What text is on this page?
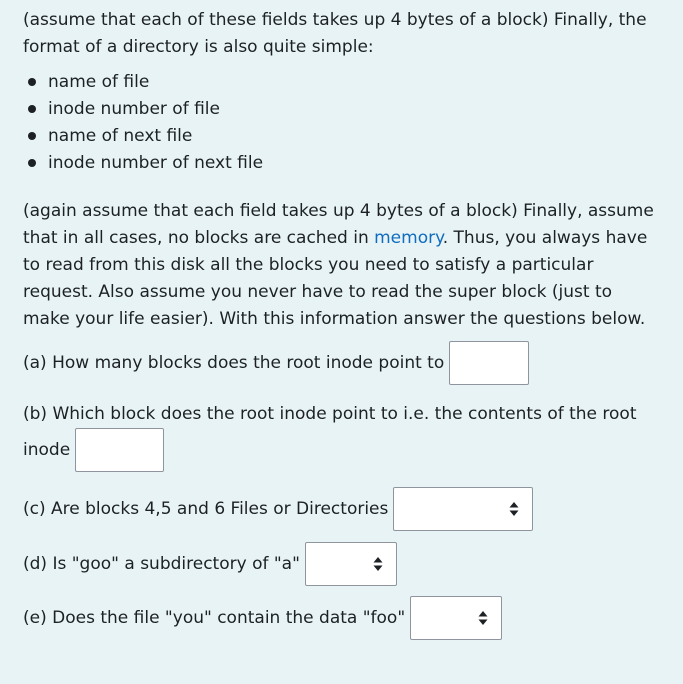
(assume that each of these fields takes up 4 bytes of a block) Finally, the format of a directory is also quite simple:

name of file
inode number of file
name of next file
inode number of next file

(again assume that each field takes up 4 bytes of a block) Finally, assume that in all cases, no blocks are cached in memory. Thus, you always have to read from this disk all the blocks you need to satisfy a particular request. Also assume you never have to read the super block (just to make your life easier). With this information answer the questions below.

(a) How many blocks does the root inode point to

(b) Which block does the root inode point to i.e. the contents of the root

inode
(c) Are blocks 4,5 and 6 Files or Directories
(d) Is "goo" a subdirectory of "a"
(e) Does the file "you" contain the data "foo"
